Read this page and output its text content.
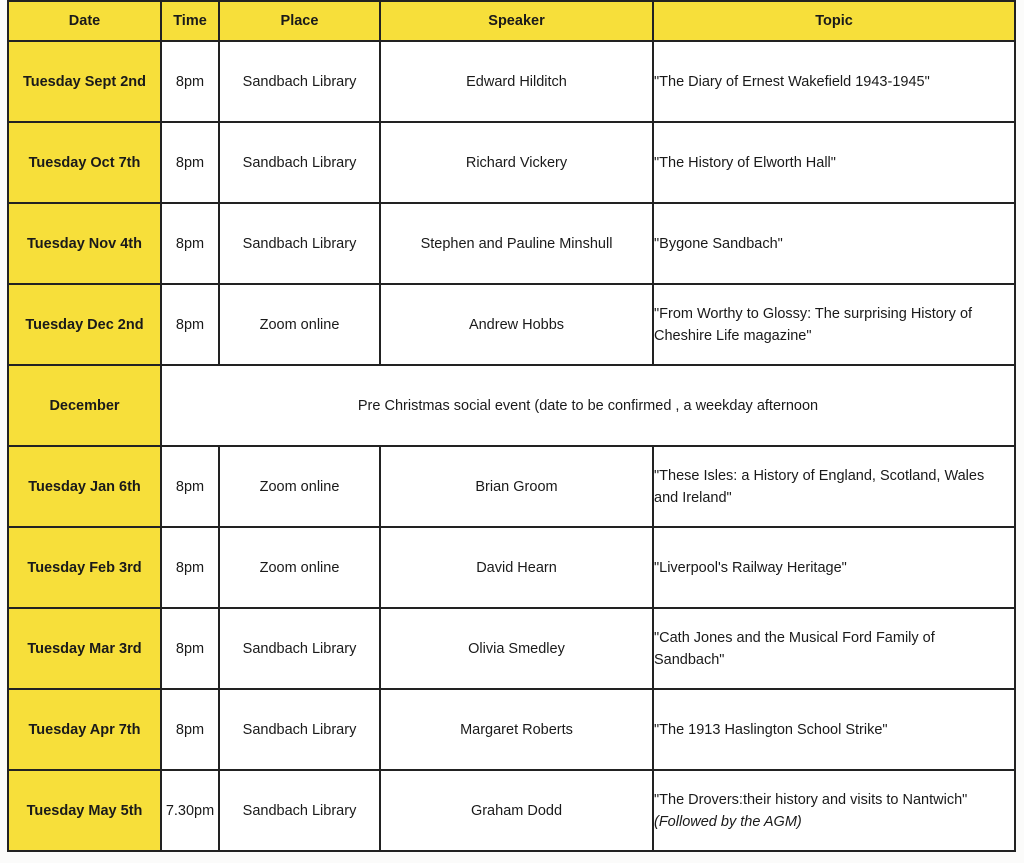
Date	Time	Place	Speaker	Topic
Tuesday Sept 2nd	8pm	Sandbach Library	Edward Hilditch	"The Diary of Ernest Wakefield 1943-1945"

Tuesday Oct 7th	8pm	Sandbach Library	Richard Vickery	"The History of Elworth Hall"

Tuesday Nov 4th	8pm	Sandbach Library	Stephen and Pauline Minshull	"Bygone Sandbach"

Tuesday Dec 2nd	8pm	Zoom online	Andrew Hobbs	"From Worthy to Glossy: The surprising History of
Cheshire Life magazine"

December	Pre Christmas social event (date to be confirmed , a weekday afternoon			
Tuesday Jan 6th	8pm	Zoom online	Brian Groom	"These Isles: a History of England, Scotland, Wales
and Ireland"

Tuesday Feb 3rd	8pm	Zoom online	David Hearn	"Liverpool's Railway Heritage"

Tuesday Mar 3rd	8pm	Sandbach Library	Olivia Smedley	"Cath Jones and the Musical Ford Family of
Sandbach"

Tuesday Apr 7th	8pm	Sandbach Library	Margaret Roberts	"The 1913 Haslington School Strike"

Tuesday May 5th	7.30pm	Sandbach Library	Graham Dodd	"The Drovers:their history and visits to Nantwich"
(Followed by the AGM)
